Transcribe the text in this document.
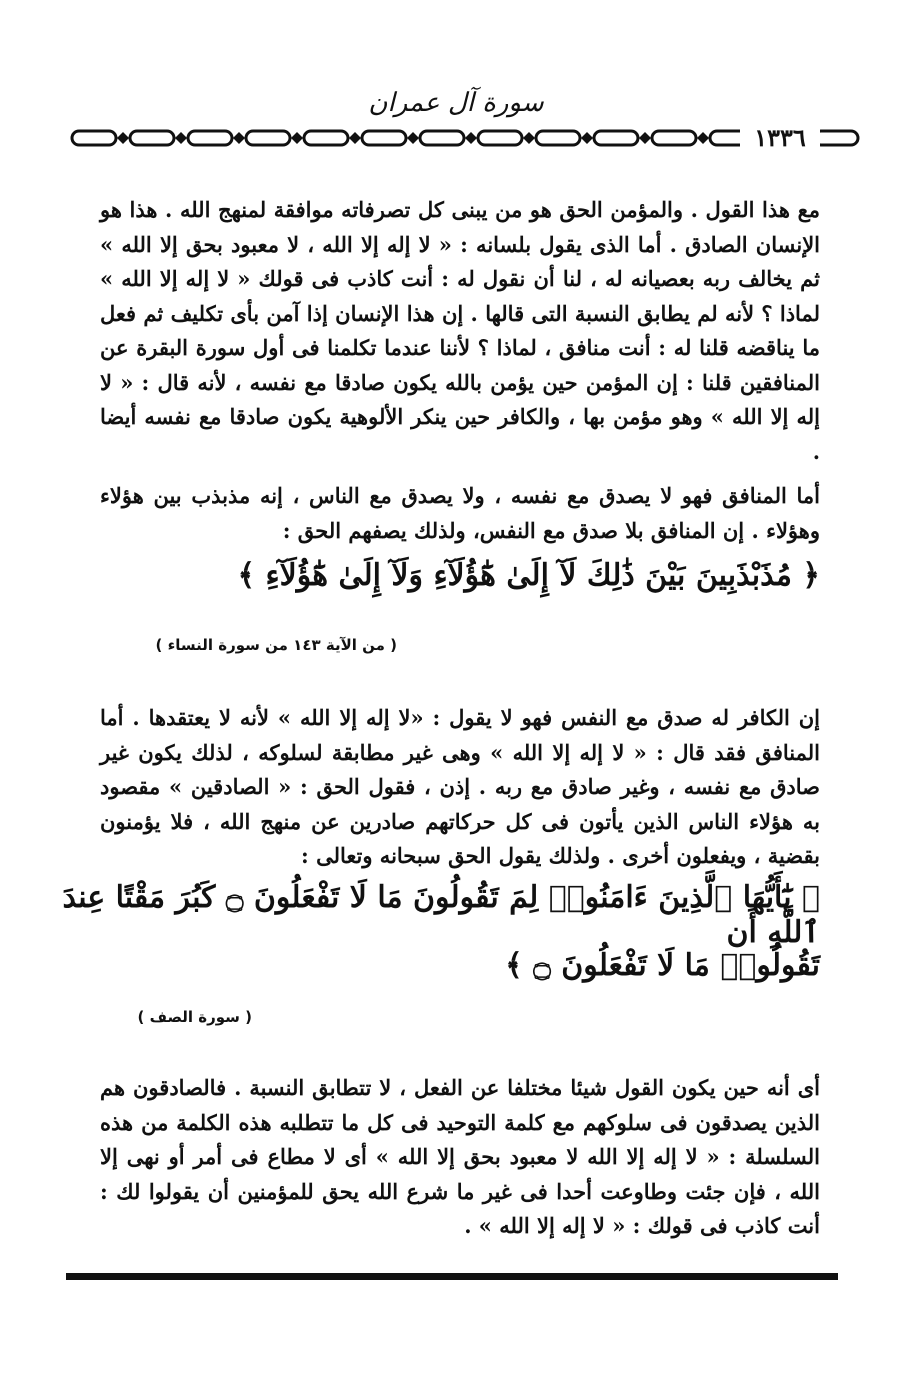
سورة آل عمران
١٣٣٦

مع هذا القول . والمؤمن الحق هو من يبنى كل تصرفاته موافقة لمنهج الله . هذا هو الإنسان الصادق . أما الذى يقول بلسانه : « لا إله إلا الله ، لا معبود بحق إلا الله » ثم يخالف ربه بعصيانه له ، لنا أن نقول له : أنت كاذب فى قولك « لا إله إلا الله » لماذا ؟ لأنه لم يطابق النسبة التى قالها . إن هذا الإنسان إذا آمن بأى تكليف ثم فعل ما يناقضه قلنا له : أنت منافق ، لماذا ؟ لأننا عندما تكلمنا فى أول سورة البقرة عن المنافقين قلنا : إن المؤمن حين يؤمن بالله يكون صادقا مع نفسه ، لأنه قال : « لا إله إلا الله » وهو مؤمن بها ، والكافر حين ينكر الألوهية يكون صادقا مع نفسه أيضا .

أما المنافق فهو لا يصدق مع نفسه ، ولا يصدق مع الناس ، إنه مذبذب بين هؤلاء وهؤلاء . إن المنافق بلا صدق مع النفس، ولذلك يصفهم الحق :

﴿ مُذَبْذَبِينَ بَيْنَ ذَٰلِكَ لَآ إِلَىٰ هَٰٓؤُلَآءِ وَلَآ إِلَىٰ هَٰٓؤُلَآءِ ﴾
( من الآية ١٤٣ من سورة النساء )

إن الكافر له صدق مع النفس فهو لا يقول : «لا إله إلا الله » لأنه لا يعتقدها . أما المنافق فقد قال : « لا إله إلا الله » وهى غير مطابقة لسلوكه ، لذلك يكون غير صادق مع نفسه ، وغير صادق مع ربه . إذن ، فقول الحق : « الصادقين » مقصود به هؤلاء الناس الذين يأتون فى كل حركاتهم صادرين عن منهج الله ، فلا يؤمنون بقضية ، ويفعلون أخرى . ولذلك يقول الحق سبحانه وتعالى :

﴿ يَٰٓأَيُّهَا ٱلَّذِينَ ءَامَنُوا۟ لِمَ تَقُولُونَ مَا لَا تَفْعَلُونَ ۝ كَبُرَ مَقْتًا عِندَ ٱللَّهِ أَن
تَقُولُوا۟ مَا لَا تَفْعَلُونَ ۝ ﴾
( سورة الصف )

أى أنه حين يكون القول شيئا مختلفا عن الفعل ، لا تتطابق النسبة . فالصادقون هم الذين يصدقون فى سلوكهم مع كلمة التوحيد فى كل ما تتطلبه هذه الكلمة من هذه السلسلة : « لا إله إلا الله لا معبود بحق إلا الله » أى لا مطاع فى أمر أو نهى إلا الله ، فإن جئت وطاوعت أحدا فى غير ما شرع الله يحق للمؤمنين أن يقولوا لك : أنت كاذب فى قولك : « لا إله إلا الله » .
